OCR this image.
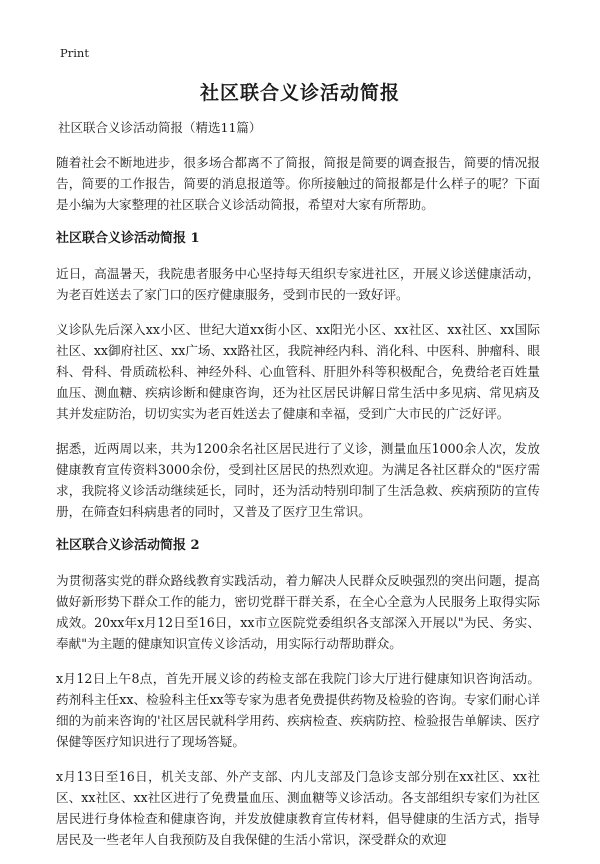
Print
社区联合义诊活动简报
社区联合义诊活动简报（精选11篇）

随着社会不断地进步，很多场合都离不了简报，简报是简要的调查报告，简要的情况报告，简要的工作报告，简要的消息报道等。你所接触过的简报都是什么样子的呢？下面是小编为大家整理的社区联合义诊活动简报，希望对大家有所帮助。

社区联合义诊活动简报 1

近日，高温暑天，我院患者服务中心坚持每天组织专家进社区，开展义诊送健康活动，为老百姓送去了家门口的医疗健康服务，受到市民的一致好评。

义诊队先后深入xx小区、世纪大道xx街小区、xx阳光小区、xx社区、xx社区、xx国际社区、xx御府社区、xx广场、xx路社区，我院神经内科、消化科、中医科、肿瘤科、眼科、骨科、骨质疏松科、神经外科、心血管科、肝胆外科等积极配合，免费给老百姓量血压、测血糖、疾病诊断和健康咨询，还为社区居民讲解日常生活中多见病、常见病及其并发症防治，切切实实为老百姓送去了健康和幸福，受到广大市民的广泛好评。

据悉，近两周以来，共为1200余名社区居民进行了义诊，测量血压1000余人次，发放健康教育宣传资料3000余份，受到社区居民的热烈欢迎。为满足各社区群众的"医疗需求，我院将义诊活动继续延长，同时，还为活动特别印制了生活急救、疾病预防的宣传册，在筛查妇科病患者的同时，又普及了医疗卫生常识。

社区联合义诊活动简报 2

为贯彻落实党的群众路线教育实践活动，着力解决人民群众反映强烈的突出问题，提高做好新形势下群众工作的能力，密切党群干群关系，在全心全意为人民服务上取得实际成效。20xx年x月12日至16日，xx市立医院党委组织各支部深入开展以"为民、务实、奉献"为主题的健康知识宣传义诊活动，用实际行动帮助群众。

x月12日上午8点，首先开展义诊的药检支部在我院门诊大厅进行健康知识咨询活动。药剂科主任xx、检验科主任xx等专家为患者免费提供药物及检验的咨询。专家们耐心详细的为前来咨询的'社区居民就科学用药、疾病检查、疾病防控、检验报告单解读、医疗保健等医疗知识进行了现场答疑。

x月13日至16日，机关支部、外产支部、内儿支部及门急诊支部分别在xx社区、xx社区、xx社区、xx社区进行了免费量血压、测血糖等义诊活动。各支部组织专家们为社区居民进行身体检查和健康咨询，并发放健康教育宣传材料，倡导健康的生活方式，指导居民及一些老年人自我预防及自我保健的生活小常识，深受群众的欢迎
